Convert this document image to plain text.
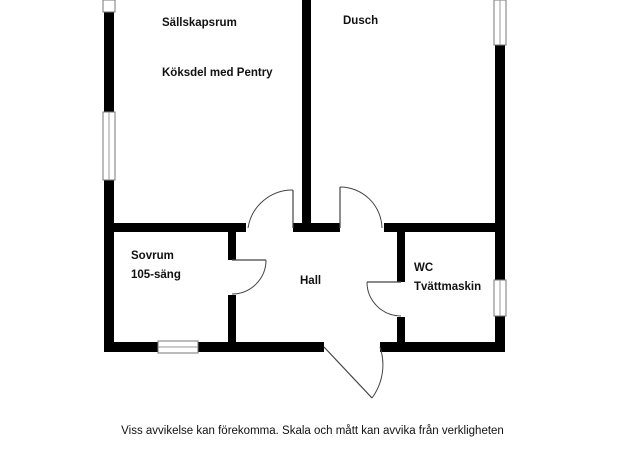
Sällskapsrum
Köksdel med Pentry
Dusch
Sovrum
105-säng	Hall
WC
Tvättmaskin
Viss avvikelse kan förekomma. Skala och mått kan avvika från verkligheten
